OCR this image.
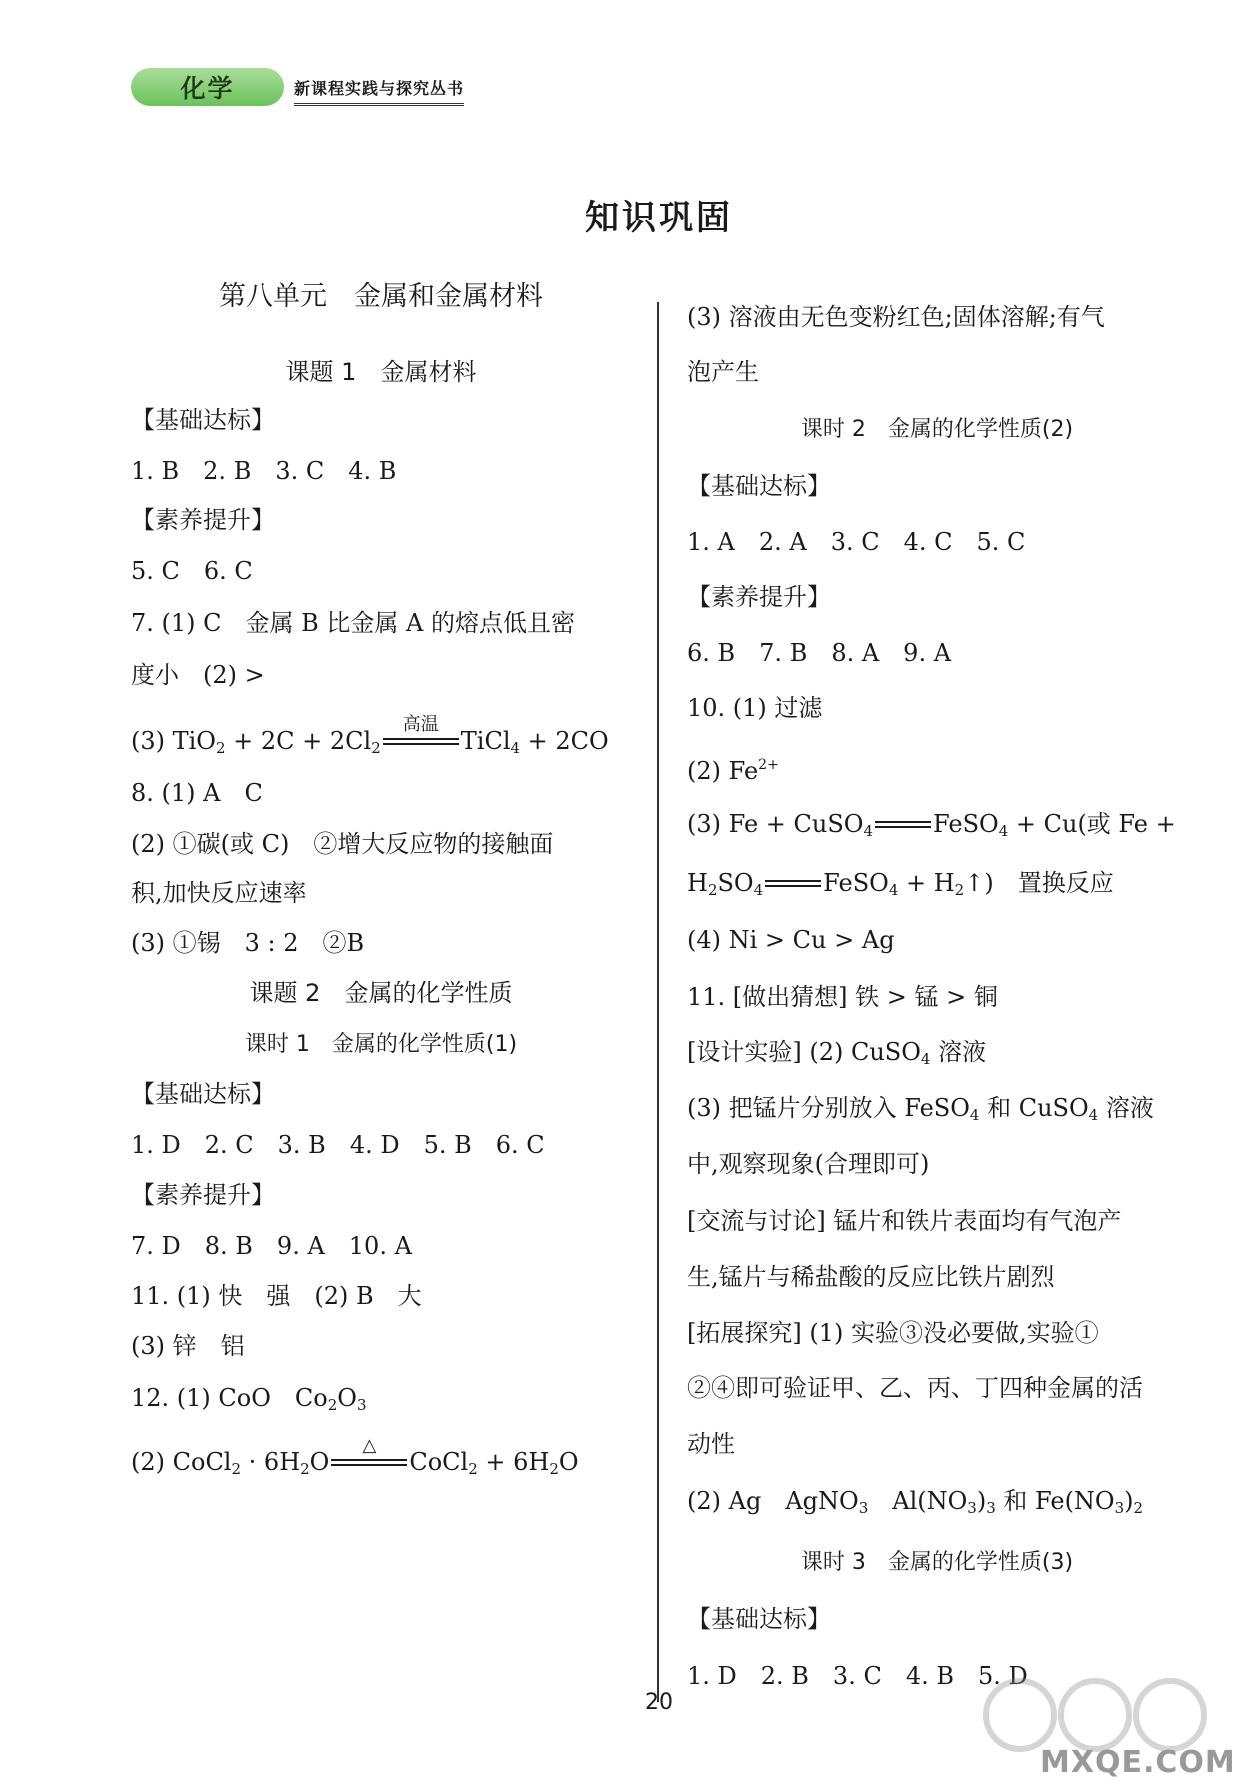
化学	新课程实践与探究丛书
知识巩固
第八单元　金属和金属材料
课题 1　金属材料
【基础达标】
1. B　2. B　3. C　4. B
【素养提升】
5. C　6. C
7. (1) C　金属 B 比金属 A 的熔点低且密
度小　(2) >
(3) $TiO_2 + 2C + 2Cl_2$
高温
TiCl$_4$ + 2CO
8. (1) A　C
(2) ①碳(或 C)　②增大反应物的接触面
积,加快反应速率
(3) ①锡　3 : 2　②B
课题 2　金属的化学性质
课时 1　金属的化学性质(1)
【基础达标】
1. D　2. C　3. B　4. D　5. B　6. C
【素养提升】
7. D　8. B　9. A　10. A
11. (1) 快　强　(2) B　大
(3) 锌　铝
12. (1) CoO　$Co_2O_3$
(2) CoCl$_2$ · $6H_2O$
△
CoCl$_2$ + $6H_2O$
(3) 溶液由无色变粉红色;固体溶解;有气
泡产生
课时 2　金属的化学性质(2)
【基础达标】
1. A　2. A　3. C　4. C　5. C
【素养提升】
6. B　7. B　8. A　9. A
10. (1) 过滤
(2) $Fe^{2+}$
(3) Fe + CuSO$_4$	FeSO$_4$ + Cu(或 Fe +
$H_2SO_4$	FeSO$_4$ + $H_2↑$)　置换反应
(4) Ni > Cu > Ag
11. [做出猜想] 铁 > 锰 > 铜
[设计实验] (2) CuSO$_4$ 溶液
(3) 把锰片分别放入 FeSO$_4$ 和 CuSO$_4$ 溶液
中,观察现象(合理即可)
[交流与讨论] 锰片和铁片表面均有气泡产
生,锰片与稀盐酸的反应比铁片剧烈
[拓展探究] (1) 实验③没必要做,实验①
②④即可验证甲、乙、丙、丁四种金属的活
动性
(2) Ag　AgNO$_3$　$Al(NO_3)_3$ 和 $Fe(NO_3)_2$
课时 3　金属的化学性质(3)
【基础达标】
1. D　2. B　3. C　4. B　5. D
20
MXQE.COM
